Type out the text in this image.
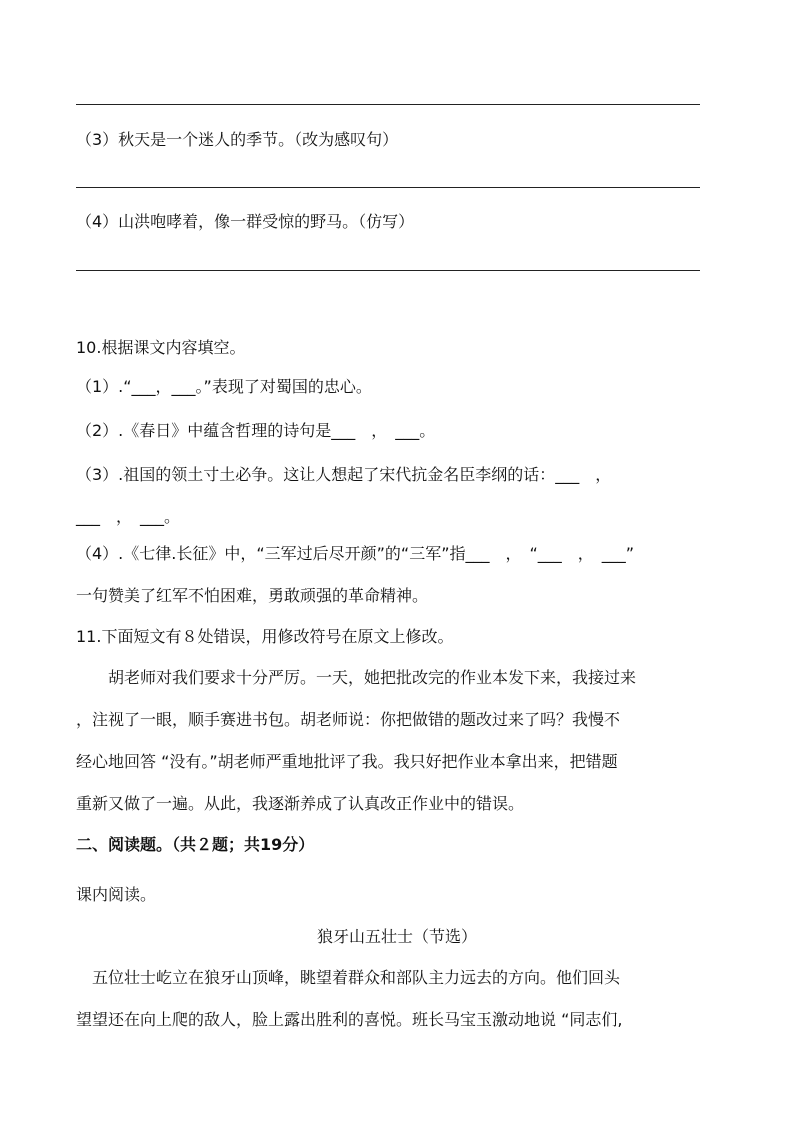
（3）秋天是一个迷人的季节。（改为感叹句）
（4）山洪咆哮着，像一群受惊的野马。（仿写）
10.根据课文内容填空。
（1）.“___，___。”表现了对蜀国的忠心。
（2）.《春日》中蕴含哲理的诗句是___　，　___。
（3）.祖国的领土寸土必争。这让人想起了宋代抗金名臣李纲的话：___　，
___　，　___。
（4）.《七律.长征》中，“三军过后尽开颜”的“三军”指___　，　“___　，　___”
一句赞美了红军不怕困难，勇敢顽强的革命精神。
11.下面短文有８处错误，用修改符号在原文上修改。

　　胡老师对我们要求十分严厉。一天，她把批改完的作业本发下来，我接过来

，注视了一眼，顺手赛进书包。胡老师说：你把做错的题改过来了吗？我慢不

经心地回答 “没有。”胡老师严重地批评了我。我只好把作业本拿出来，把错题

重新又做了一遍。从此，我逐渐养成了认真改正作业中的错误。

二、阅读题。（共２题；共19分）
课内阅读。
狼牙山五壮士（节选）

　五位壮士屹立在狼牙山顶峰，眺望着群众和部队主力远去的方向。他们回头

望望还在向上爬的敌人，脸上露出胜利的喜悦。班长马宝玉激动地说 “同志们,
